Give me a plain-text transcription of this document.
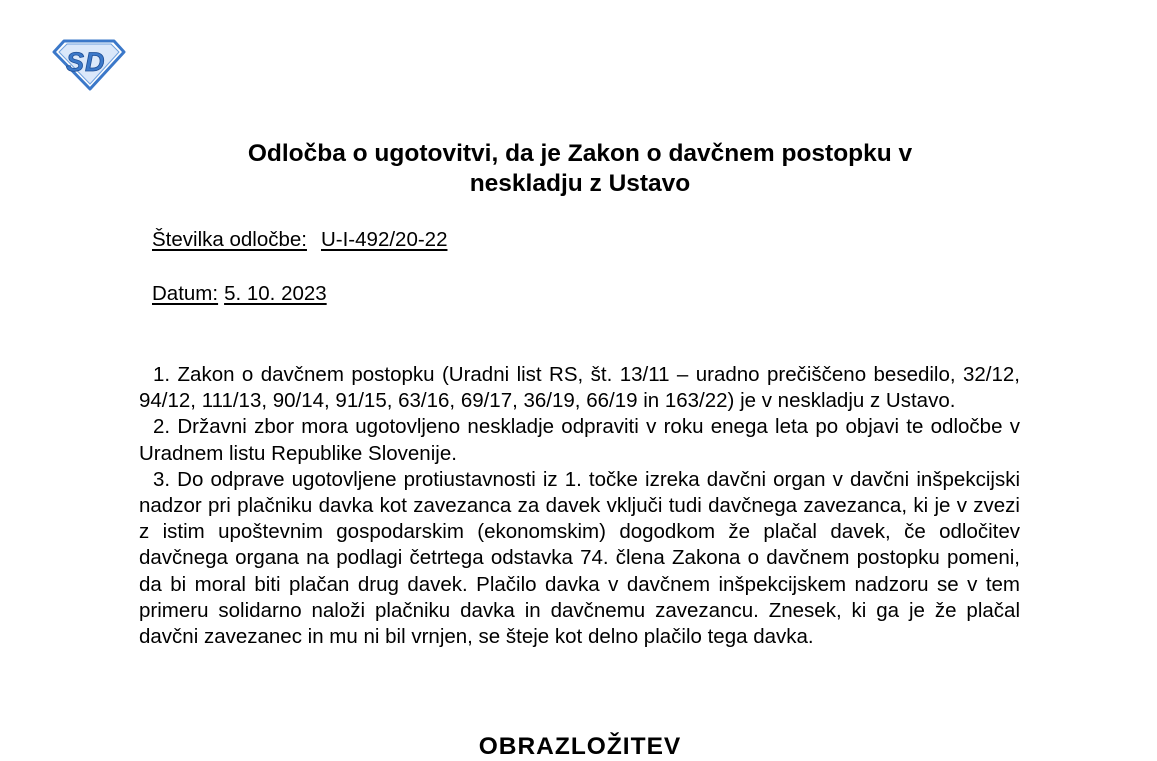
S D
Odločba o ugotovitvi, da je Zakon o davčnem postopku v
neskladju z Ustavo

Številka odločbe: U-I-492/20-22

Datum: 5. 10. 2023

1. Zakon o davčnem postopku (Uradni list RS, št. 13/11 – uradno prečiščeno besedilo, 32/12, 94/12, 111/13, 90/14, 91/15, 63/16, 69/17, 36/19, 66/19 in 163/22) je v neskladju z Ustavo.

2. Državni zbor mora ugotovljeno neskladje odpraviti v roku enega leta po objavi te odločbe v Uradnem listu Republike Slovenije.

3. Do odprave ugotovljene protiustavnosti iz 1. točke izreka davčni organ v davčni inšpekcijski nadzor pri plačniku davka kot zavezanca za davek vključi tudi davčnega zavezanca, ki je v zvezi z istim upoštevnim gospodarskim (ekonomskim) dogodkom že plačal davek, če odločitev davčnega organa na podlagi četrtega odstavka 74. člena Zakona o davčnem postopku pomeni, da bi moral biti plačan drug davek. Plačilo davka v davčnem inšpekcijskem nadzoru se v tem primeru solidarno naloži plačniku davka in davčnemu zavezancu. Znesek, ki ga je že plačal davčni zavezanec in mu ni bil vrnjen, se šteje kot delno plačilo tega davka.

OBRAZLOŽITEV
